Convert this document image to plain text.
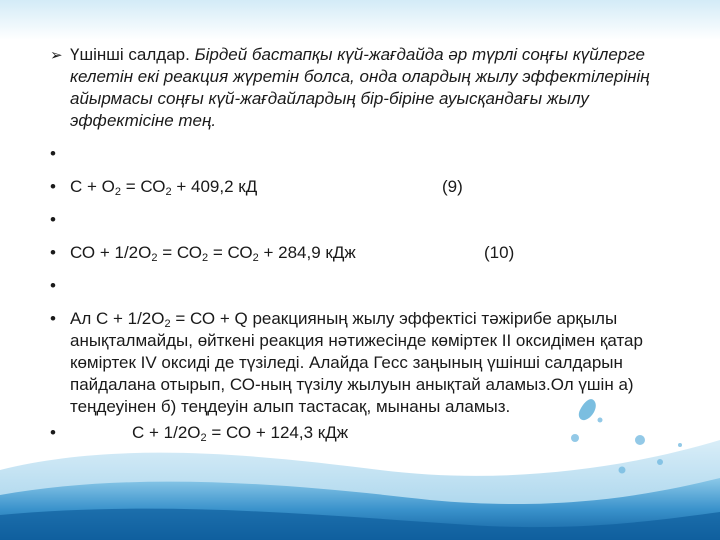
➢ Үшінші салдар. Бірдей бастапқы күй-жағдайда әр түрлі соңғы күйлерге келетін екі реакция жүретін болса, онда олардың жылу эффектілерінің айырмасы соңғы күй-жағдайлардың бір-біріне ауысқандағы жылу эффектісіне тең.
•

• $С + О_2 = СО_2 + 409,2$ кД	(9)
•

• СО + $1/2О_2 = СО_2 = СО_2 + 284,9$ кДж	(10)
•

• Ал $С + 1/2О_2$ = СО + Q реакцияның жылу эффектісі тәжірибе арқылы анықталмайды, өйткені реакция нәтижесінде көміртек II оксидімен қатар көміртек IV оксиді де түзіледі. Алайда Гесс заңының үшінші салдарын пайдалана отырып, СО-ның түзілу жылуын анықтай аламыз.Ол үшін а) теңдеуінен б) теңдеуін алып тастасақ, мынаны аламыз.
•	$С + 1/2О_2$ = СО + 124,3 кДж
